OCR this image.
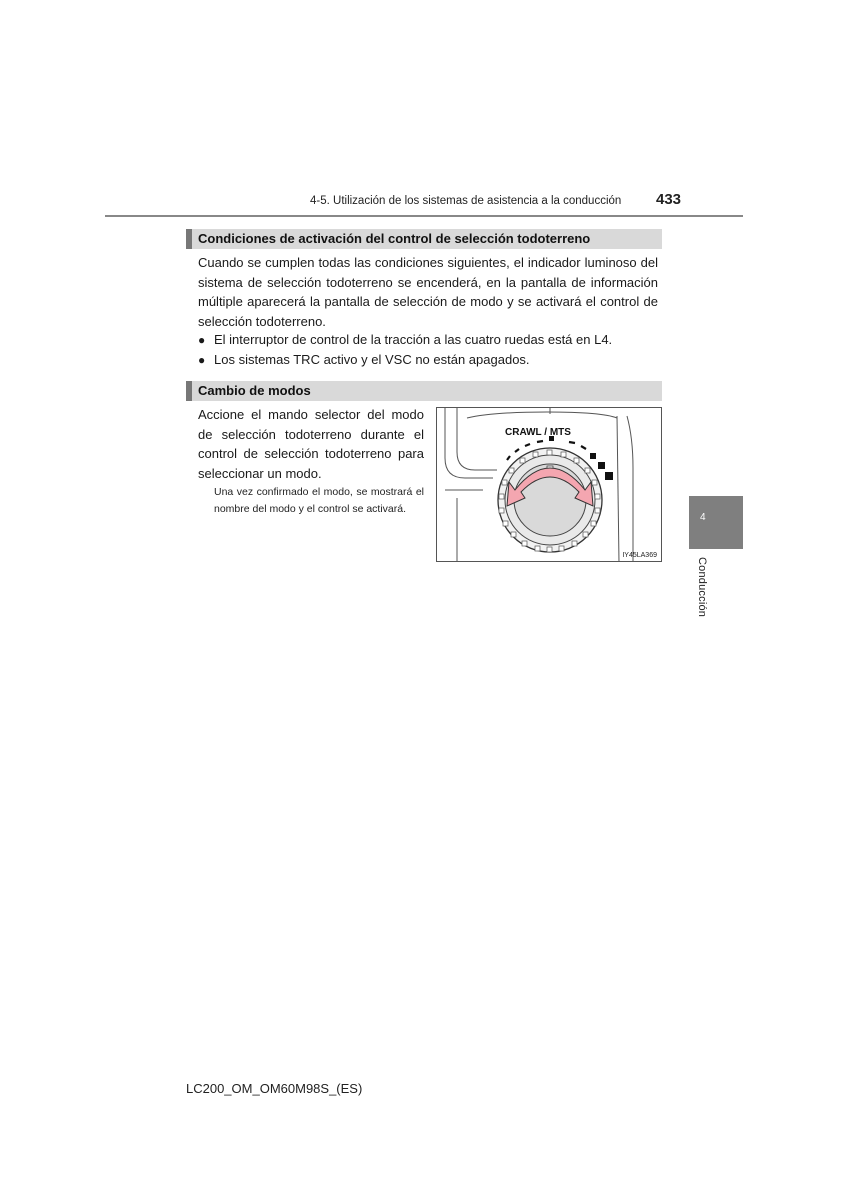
4-5. Utilización de los sistemas de asistencia a la conducción 433
Condiciones de activación del control de selección todoterreno

Cuando se cumplen todas las condiciones siguientes, el indicador luminoso del sistema de selección todoterreno se encenderá, en la pantalla de información múltiple aparecerá la pantalla de selección de modo y se activará el control de selección todoterreno.

● El interruptor de control de la tracción a las cuatro ruedas está en L4.
● Los sistemas TRC activo y el VSC no están apagados.
Cambio de modos

Accione el mando selector del modo de selección todoterreno durante el control de selección todoterreno para seleccionar un modo.

Una vez confirmado el modo, se mostrará el nombre del modo y el control se activará.

CRAWL / MTS
IY45LA369
4
Conducción
LC200_OM_OM60M98S_(ES)
